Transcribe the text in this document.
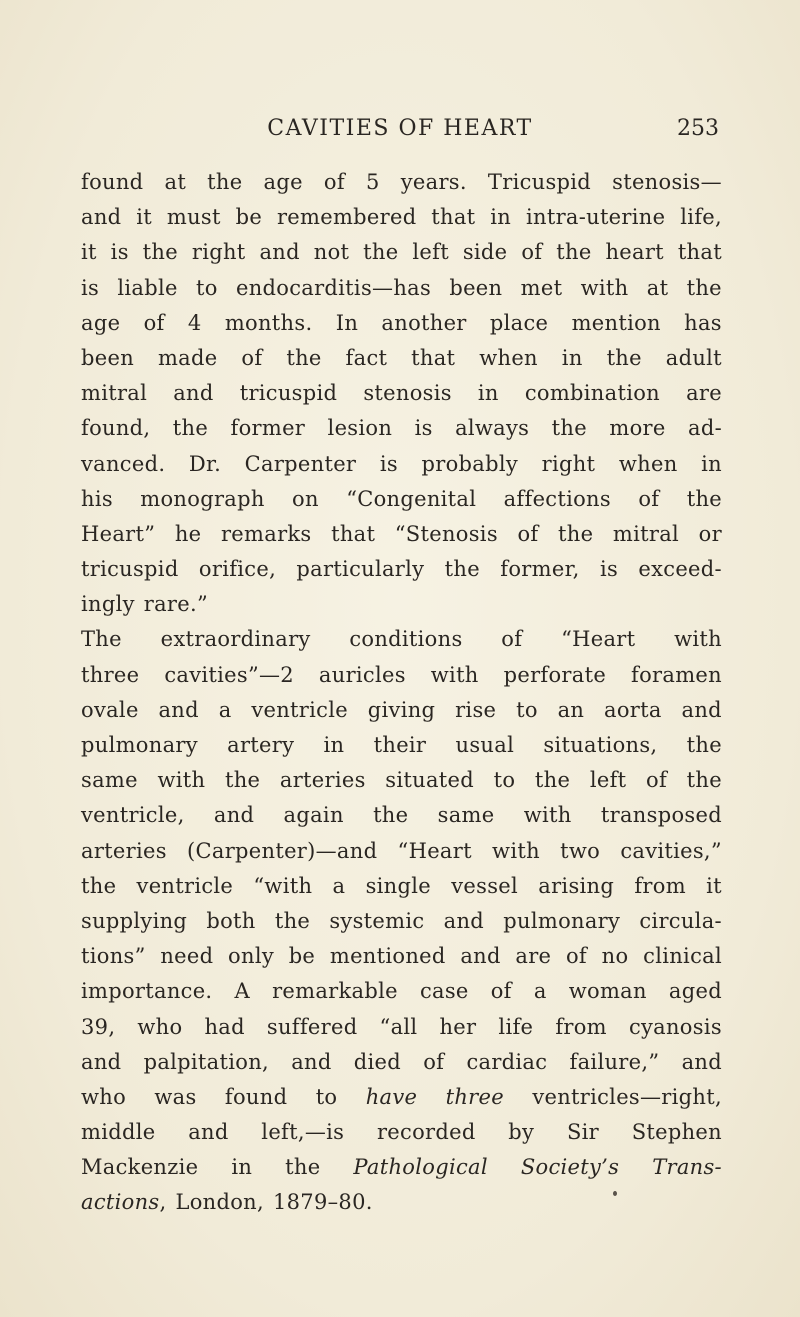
CAVITIES OF HEART	253
found at the age of 5 years. Tricuspid stenosis—
and it must be remembered that in intra-uterine life,
it is the right and not the left side of the heart that
is liable to endocarditis—has been met with at the
age of 4 months. In another place mention has
been made of the fact that when in the adult
mitral and tricuspid stenosis in combination are
found, the former lesion is always the more ad-
vanced. Dr. Carpenter is probably right when in
his monograph on “Congenital affections of the
Heart” he remarks that “Stenosis of the mitral or
tricuspid orifice, particularly the former, is exceed-
ingly rare.”
The extraordinary conditions of “Heart with
three cavities”—2 auricles with perforate foramen
ovale and a ventricle giving rise to an aorta and
pulmonary artery in their usual situations, the
same with the arteries situated to the left of the
ventricle, and again the same with transposed
arteries (Carpenter)—and “Heart with two cavities,”
the ventricle “with a single vessel arising from it
supplying both the systemic and pulmonary circula-
tions” need only be mentioned and are of no clinical
importance. A remarkable case of a woman aged
39, who had suffered “all her life from cyanosis
and palpitation, and died of cardiac failure,” and
who was found to have three ventricles—right,
middle and left,—is recorded by Sir Stephen
Mackenzie in the Pathological Society’s Trans-
actions, London, 1879–80.
